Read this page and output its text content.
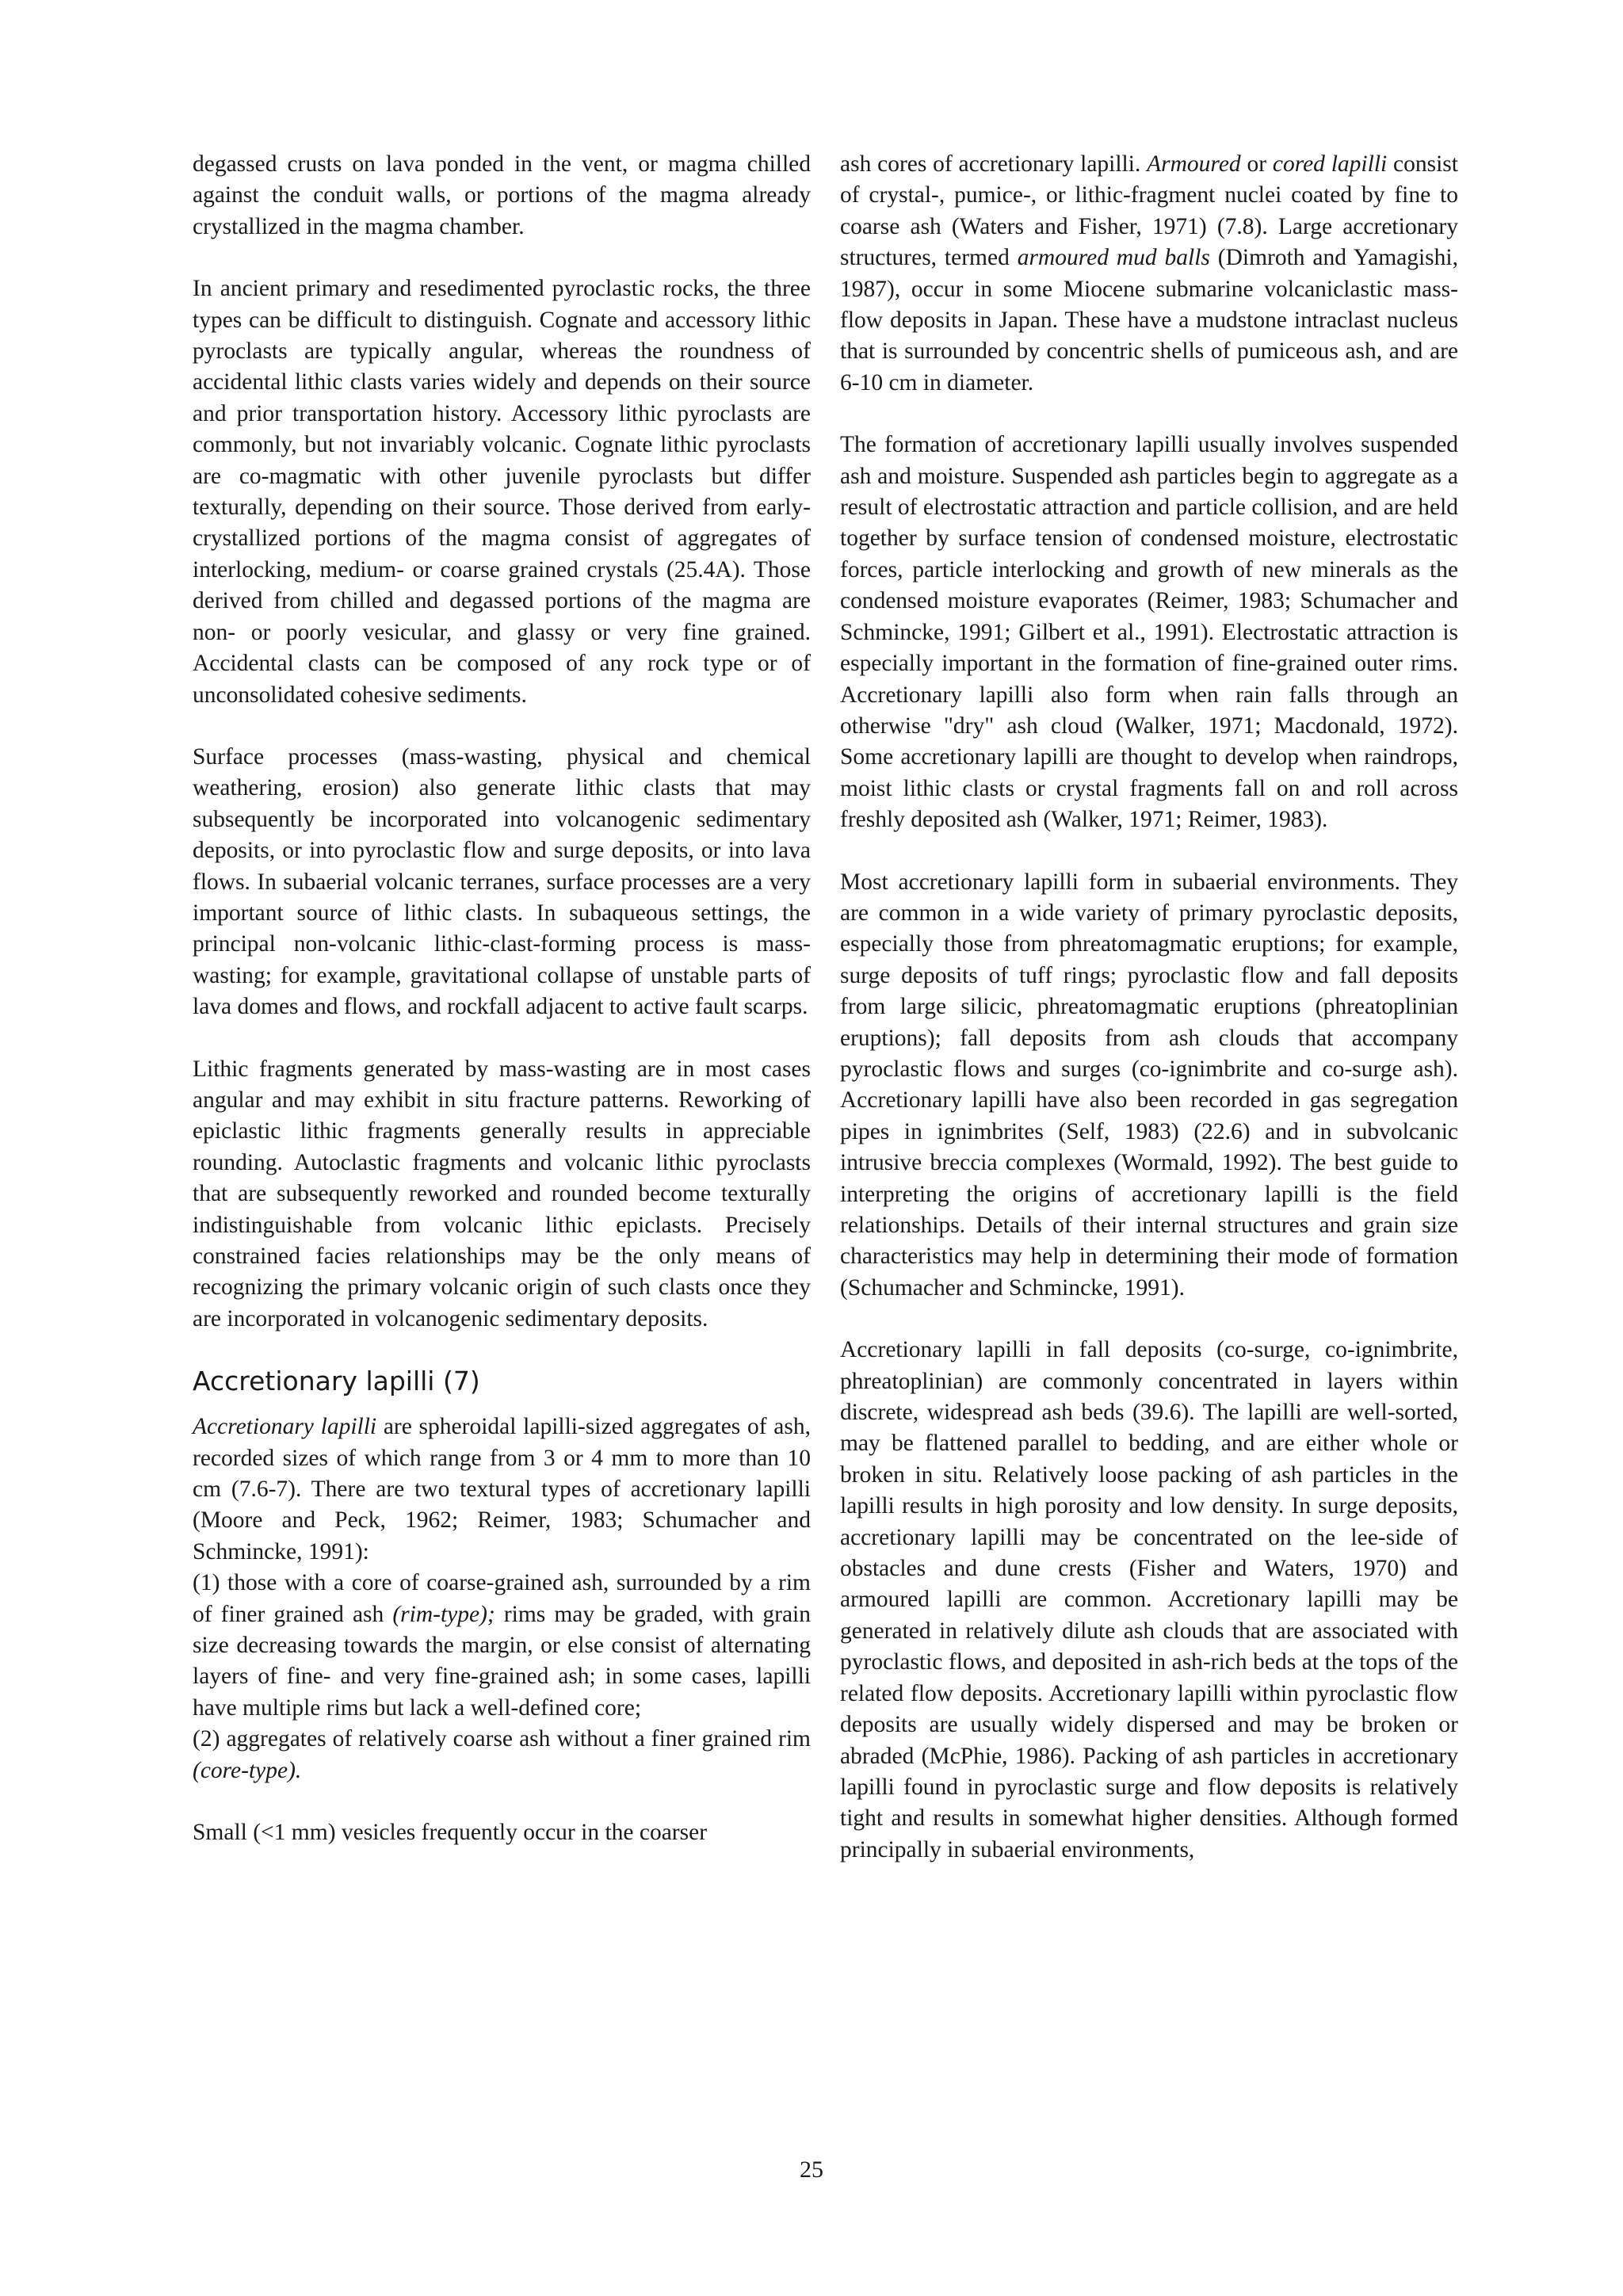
degassed crusts on lava ponded in the vent, or magma chilled against the conduit walls, or portions of the magma already crystallized in the magma chamber.

In ancient primary and resedimented pyroclastic rocks, the three types can be difficult to distinguish. Cognate and accessory lithic pyroclasts are typically angular, whereas the roundness of accidental lithic clasts varies widely and depends on their source and prior transportation history. Accessory lithic pyroclasts are commonly, but not invariably volcanic. Cognate lithic pyroclasts are co-magmatic with other juvenile pyroclasts but differ texturally, depending on their source. Those derived from early-crystallized portions of the magma consist of aggregates of interlocking, medium- or coarse grained crystals (25.4A). Those derived from chilled and degassed portions of the magma are non- or poorly vesicular, and glassy or very fine grained. Accidental clasts can be composed of any rock type or of unconsolidated cohesive sediments.

Surface processes (mass-wasting, physical and chemical weathering, erosion) also generate lithic clasts that may subsequently be incorporated into volcanogenic sedimentary deposits, or into pyroclastic flow and surge deposits, or into lava flows. In subaerial volcanic terranes, surface processes are a very important source of lithic clasts. In subaqueous settings, the principal non-volcanic lithic-clast-forming process is mass-wasting; for example, gravitational collapse of unstable parts of lava domes and flows, and rockfall adjacent to active fault scarps.

Lithic fragments generated by mass-wasting are in most cases angular and may exhibit in situ fracture patterns. Reworking of epiclastic lithic fragments generally results in appreciable rounding. Autoclastic fragments and volcanic lithic pyroclasts that are subsequently reworked and rounded become texturally indistinguishable from volcanic lithic epiclasts. Precisely constrained facies relationships may be the only means of recognizing the primary volcanic origin of such clasts once they are incorporated in volcanogenic sedimentary deposits.

Accretionary lapilli (7)

Accretionary lapilli are spheroidal lapilli-sized aggregates of ash, recorded sizes of which range from 3 or 4 mm to more than 10 cm (7.6-7). There are two textural types of accretionary lapilli (Moore and Peck, 1962; Reimer, 1983; Schumacher and Schmincke, 1991):

(1) those with a core of coarse-grained ash, surrounded by a rim of finer grained ash (rim-type); rims may be graded, with grain size decreasing towards the margin, or else consist of alternating layers of fine- and very fine-grained ash; in some cases, lapilli have multiple rims but lack a well-defined core;

(2) aggregates of relatively coarse ash without a finer grained rim (core-type).

Small (<1 mm) vesicles frequently occur in the coarser

ash cores of accretionary lapilli. Armoured or cored lapilli consist of crystal-, pumice-, or lithic-fragment nuclei coated by fine to coarse ash (Waters and Fisher, 1971) (7.8). Large accretionary structures, termed armoured mud balls (Dimroth and Yamagishi, 1987), occur in some Miocene submarine volcaniclastic mass-flow deposits in Japan. These have a mudstone intraclast nucleus that is surrounded by concentric shells of pumiceous ash, and are 6-10 cm in diameter.

The formation of accretionary lapilli usually involves suspended ash and moisture. Suspended ash particles begin to aggregate as a result of electrostatic attraction and particle collision, and are held together by surface tension of condensed moisture, electrostatic forces, particle interlocking and growth of new minerals as the condensed moisture evaporates (Reimer, 1983; Schumacher and Schmincke, 1991; Gilbert et al., 1991). Electrostatic attraction is especially important in the formation of fine-grained outer rims. Accretionary lapilli also form when rain falls through an otherwise "dry" ash cloud (Walker, 1971; Macdonald, 1972). Some accretionary lapilli are thought to develop when raindrops, moist lithic clasts or crystal fragments fall on and roll across freshly deposited ash (Walker, 1971; Reimer, 1983).

Most accretionary lapilli form in subaerial environments. They are common in a wide variety of primary pyroclastic deposits, especially those from phreatomagmatic eruptions; for example, surge deposits of tuff rings; pyroclastic flow and fall deposits from large silicic, phreatomagmatic eruptions (phreatoplinian eruptions); fall deposits from ash clouds that accompany pyroclastic flows and surges (co-ignimbrite and co-surge ash). Accretionary lapilli have also been recorded in gas segregation pipes in ignimbrites (Self, 1983) (22.6) and in subvolcanic intrusive breccia complexes (Wormald, 1992). The best guide to interpreting the origins of accretionary lapilli is the field relationships. Details of their internal structures and grain size characteristics may help in determining their mode of formation (Schumacher and Schmincke, 1991).

Accretionary lapilli in fall deposits (co-surge, co-ignimbrite, phreatoplinian) are commonly concentrated in layers within discrete, widespread ash beds (39.6). The lapilli are well-sorted, may be flattened parallel to bedding, and are either whole or broken in situ. Relatively loose packing of ash particles in the lapilli results in high porosity and low density. In surge deposits, accretionary lapilli may be concentrated on the lee-side of obstacles and dune crests (Fisher and Waters, 1970) and armoured lapilli are common. Accretionary lapilli may be generated in relatively dilute ash clouds that are associated with pyroclastic flows, and deposited in ash-rich beds at the tops of the related flow deposits. Accretionary lapilli within pyroclastic flow deposits are usually widely dispersed and may be broken or abraded (McPhie, 1986). Packing of ash particles in accretionary lapilli found in pyroclastic surge and flow deposits is relatively tight and results in somewhat higher densities. Although formed principally in subaerial environments,

25
